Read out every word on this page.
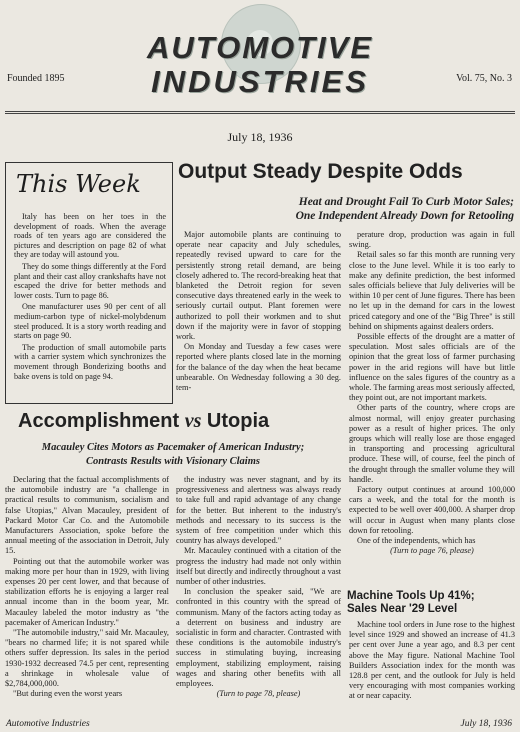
AUTOMOTIVE
INDUSTRIES
Founded 1895	Vol. 75, No. 3
July 18, 1936
This Week

Italy has been on her toes in the development of roads. When the average roads of ten years ago are considered the pictures and description on page 82 of what they are today will astound you.

They do some things differently at the Ford plant and their cast alloy crankshafts have not escaped the drive for better methods and lower costs. Turn to page 86.

One manufacturer uses 90 per cent of all medium-carbon type of nickel-molybdenum steel produced. It is a story worth reading and starts on page 90.

The production of small automobile parts with a carrier system which synchronizes the movement through Bonderizing booths and bake ovens is told on page 94.

Output Steady Despite Odds
Heat and Drought Fail To Curb Motor Sales;
One Independent Already Down for Retooling

Major automobile plants are continuing to operate near capacity and July schedules, repeatedly revised upward to care for the persistently strong retail demand, are being closely adhered to. The record-breaking heat that blanketed the Detroit region for seven consecutive days threatened early in the week to seriously curtail output. Plant foremen were authorized to poll their workmen and to shut down if the majority were in favor of stopping work.

On Monday and Tuesday a few cases were reported where plants closed late in the morning for the balance of the day when the heat became unbearable. On Wednesday following a 30 deg. tem-

perature drop, production was again in full swing.

Retail sales so far this month are running very close to the June level. While it is too early to make any definite prediction, the best informed sales officials believe that July deliveries will be within 10 per cent of June figures. There has been no let up in the demand for cars in the lowest priced category and one of the "Big Three" is still behind on shipments against dealers orders.

Possible effects of the drought are a matter of speculation. Most sales officials are of the opinion that the great loss of farmer purchasing power in the arid regions will have but little influence on the sales figures of the country as a whole. The farming areas most seriously affected, they point out, are not important markets.

Other parts of the country, where crops are almost normal, will enjoy greater purchasing power as a result of higher prices. The only groups which will really lose are those engaged in transporting and processing agricultural produce. These will, of course, feel the pinch of the drought through the smaller volume they will handle.

Factory output continues at around 100,000 cars a week, and the total for the month is expected to be well over 400,000. A sharper drop will occur in August when many plants close down for retooling.

One of the independents, which has

(Turn to page 76, please)

Accomplishment vs Utopia
Macauley Cites Motors as Pacemaker of American Industry;
Contrasts Results with Visionary Claims

Declaring that the factual accomplishments of the automobile industry are "a challenge in practical results to communism, socialism and false Utopias," Alvan Macauley, president of Packard Motor Car Co. and the Automobile Manufacturers Association, spoke before the annual meeting of the association in Detroit, July 15.

Pointing out that the automobile worker was making more per hour than in 1929, with living expenses 20 per cent lower, and that because of stabilization efforts he is enjoying a larger real annual income than in the boom year, Mr. Macauley labeled the motor industry as "the pacemaker of American Industry."

"The automobile industry," said Mr. Macauley, "bears no charmed life; it is not spared while others suffer depression. Its sales in the period 1930-1932 decreased 74.5 per cent, representing a shrinkage in wholesale value of $2,784,000,000.

"But during even the worst years

the industry was never stagnant, and by its progressiveness and alertness was always ready to take full and rapid advantage of any change for the better. But inherent to the industry's methods and necessary to its success is the system of free competition under which this country has always developed."

Mr. Macauley continued with a citation of the progress the industry had made not only within itself but directly and indirectly throughout a vast number of other industries.

In conclusion the speaker said, "We are confronted in this country with the spread of communism. Many of the factors acting today as a deterrent on business and industry are socialistic in form and character. Contrasted with these conditions is the automobile industry's success in stimulating buying, increasing employment, stabilizing employment, raising wages and sharing other benefits with all employees.

(Turn to page 78, please)

Machine Tools Up 41%;
Sales Near '29 Level

Machine tool orders in June rose to the highest level since 1929 and showed an increase of 41.3 per cent over June a year ago, and 8.3 per cent above the May figure. National Machine Tool Builders Association index for the month was 128.8 per cent, and the outlook for July is held very encouraging with most companies working at or near capacity.

Automotive Industries	July 18, 1936
